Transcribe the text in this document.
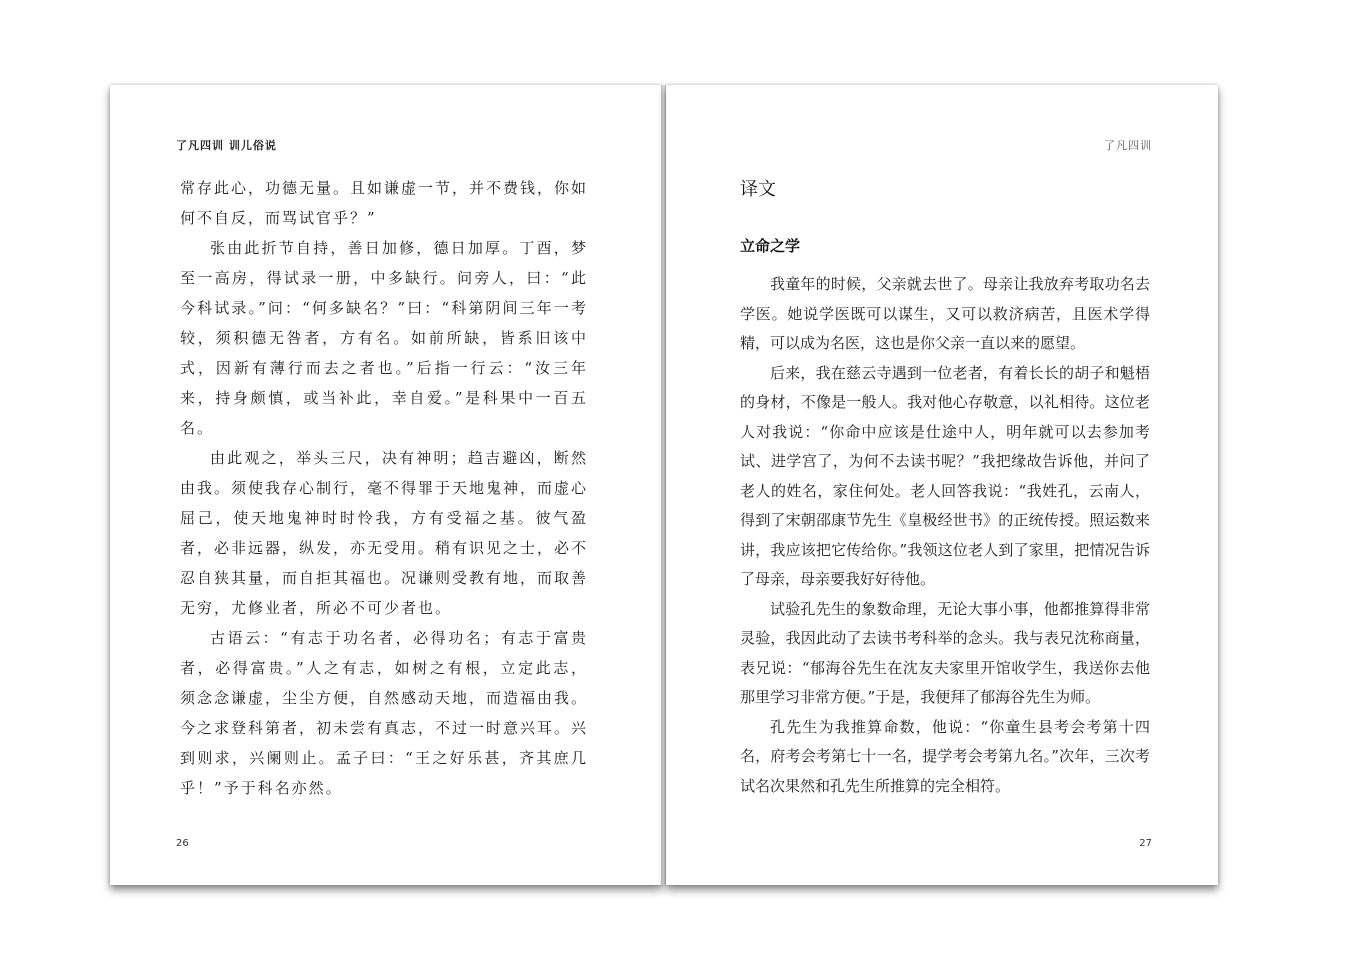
了凡四训 训儿俗说

常存此心，功德无量。且如谦虚一节，并不费钱，你如何不自反，而骂试官乎？”

张由此折节自持，善日加修，德日加厚。丁酉，梦至一高房，得试录一册，中多缺行。问旁人，曰：“此今科试录。”问：“何多缺名？”曰：“科第阴间三年一考较，须积德无咎者，方有名。如前所缺，皆系旧该中式，因新有薄行而去之者也。”后指一行云：“汝三年来，持身颇慎，或当补此，幸自爱。”是科果中一百五名。

由此观之，举头三尺，决有神明；趋吉避凶，断然由我。须使我存心制行，毫不得罪于天地鬼神，而虚心屈己，使天地鬼神时时怜我，方有受福之基。彼气盈者，必非远器，纵发，亦无受用。稍有识见之士，必不忍自狭其量，而自拒其福也。况谦则受教有地，而取善无穷，尤修业者，所必不可少者也。

古语云：“有志于功名者，必得功名；有志于富贵者，必得富贵。”人之有志，如树之有根，立定此志，须念念谦虚，尘尘方便，自然感动天地，而造福由我。今之求登科第者，初未尝有真志，不过一时意兴耳。兴到则求，兴阑则止。孟子曰：“王之好乐甚，齐其庶几乎！”予于科名亦然。

26
了凡四训
译文
立命之学

我童年的时候，父亲就去世了。母亲让我放弃考取功名去学医。她说学医既可以谋生，又可以救济病苦，且医术学得精，可以成为名医，这也是你父亲一直以来的愿望。

后来，我在慈云寺遇到一位老者，有着长长的胡子和魁梧的身材，不像是一般人。我对他心存敬意，以礼相待。这位老人对我说：“你命中应该是仕途中人，明年就可以去参加考试、进学宫了，为何不去读书呢？”我把缘故告诉他，并问了老人的姓名，家住何处。老人回答我说：“我姓孔，云南人，得到了宋朝邵康节先生《皇极经世书》的正统传授。照运数来讲，我应该把它传给你。”我领这位老人到了家里，把情况告诉了母亲，母亲要我好好待他。

试验孔先生的象数命理，无论大事小事，他都推算得非常灵验，我因此动了去读书考科举的念头。我与表兄沈称商量，表兄说：“郁海谷先生在沈友夫家里开馆收学生，我送你去他那里学习非常方便。”于是，我便拜了郁海谷先生为师。

孔先生为我推算命数，他说：“你童生县考会考第十四名，府考会考第七十一名，提学考会考第九名。”次年，三次考试名次果然和孔先生所推算的完全相符。

27
